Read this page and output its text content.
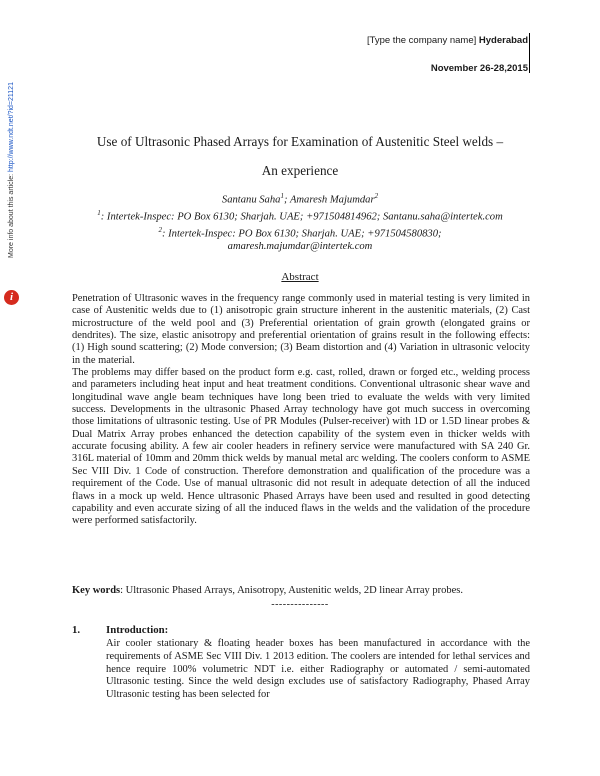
[Type the company name] Hyderabad
November 26-28,2015
More info about this article: http://www.ndt.net/?id=21121
i
Use of Ultrasonic Phased Arrays for Examination of Austenitic Steel welds –
An experience
Santanu Saha$^1$; Amaresh Majumdar$^2$
$^1$: Intertek-Inspec: PO Box 6130; Sharjah. UAE; +971504814962; Santanu.saha@intertek.com
$^2$: Intertek-Inspec: PO Box 6130; Sharjah. UAE; +971504580830;
amaresh.majumdar@intertek.com
Abstract

Penetration of Ultrasonic waves in the frequency range commonly used in material testing is very limited in case of Austenitic welds due to (1) anisotropic grain structure inherent in the austenitic materials, (2) Cast microstructure of the weld pool and (3) Preferential orientation of grain growth (elongated grains or dendrites). The size, elastic anisotropy and preferential orientation of grains result in the following effects: (1) High sound scattering; (2) Mode conversion; (3) Beam distortion and (4) Variation in ultrasonic velocity in the material.

The problems may differ based on the product form e.g. cast, rolled, drawn or forged etc., welding process and parameters including heat input and heat treatment conditions. Conventional ultrasonic shear wave and longitudinal wave angle beam techniques have long been tried to evaluate the welds with very limited success. Developments in the ultrasonic Phased Array technology have got much success in overcoming those limitations of ultrasonic testing. Use of PR Modules (Pulser-receiver) with 1D or 1.5D linear probes & Dual Matrix Array probes enhanced the detection capability of the system even in thicker welds with accurate focusing ability. A few air cooler headers in refinery service were manufactured with SA 240 Gr. 316L material of 10mm and 20mm thick welds by manual metal arc welding. The coolers conform to ASME Sec VIII Div. 1 Code of construction. Therefore demonstration and qualification of the procedure was a requirement of the Code. Use of manual ultrasonic did not result in adequate detection of all the induced flaws in a mock up weld. Hence ultrasonic Phased Arrays have been used and resulted in good detecting capability and even accurate sizing of all the induced flaws in the welds and the validation of the procedure were performed satisfactorily.

Key words: Ultrasonic Phased Arrays, Anisotropy, Austenitic welds, 2D linear Array probes.
---------------
1. Introduction:

Air cooler stationary & floating header boxes has been manufactured in accordance with the requirements of ASME Sec VIII Div. 1 2013 edition. The coolers are intended for lethal services and hence require 100% volumetric NDT i.e. either Radiography or automated / semi-automated Ultrasonic testing. Since the weld design excludes use of satisfactory Radiography, Phased Array Ultrasonic testing has been selected for
